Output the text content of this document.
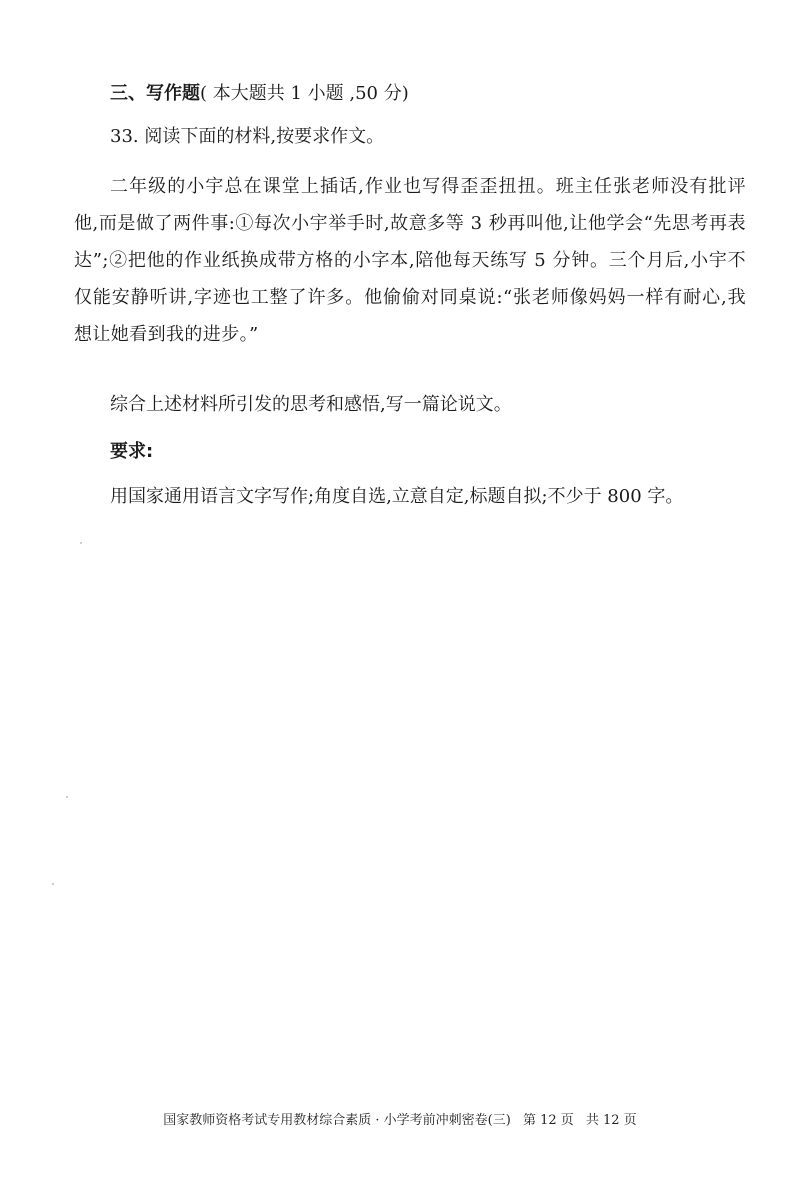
三、写作题( 本大题共 1 小题 ,50 分)
33. 阅读下面的材料,按要求作文。
二年级的小宇总在课堂上插话,作业也写得歪歪扭扭。班主任张老师没有批评他,而是做了两件事:①每次小宇举手时,故意多等 3 秒再叫他,让他学会“先思考再表达”;②把他的作业纸换成带方格的小字本,陪他每天练写 5 分钟。三个月后,小宇不仅能安静听讲,字迹也工整了许多。他偷偷对同桌说:“张老师像妈妈一样有耐心,我想让她看到我的进步。”
综合上述材料所引发的思考和感悟,写一篇论说文。
要求:
用国家通用语言文字写作;角度自选,立意自定,标题自拟;不少于 800 字。
国家教师资格考试专用教材综合素质 · 小学考前冲刺密卷(三) 第 12 页 共 12 页
